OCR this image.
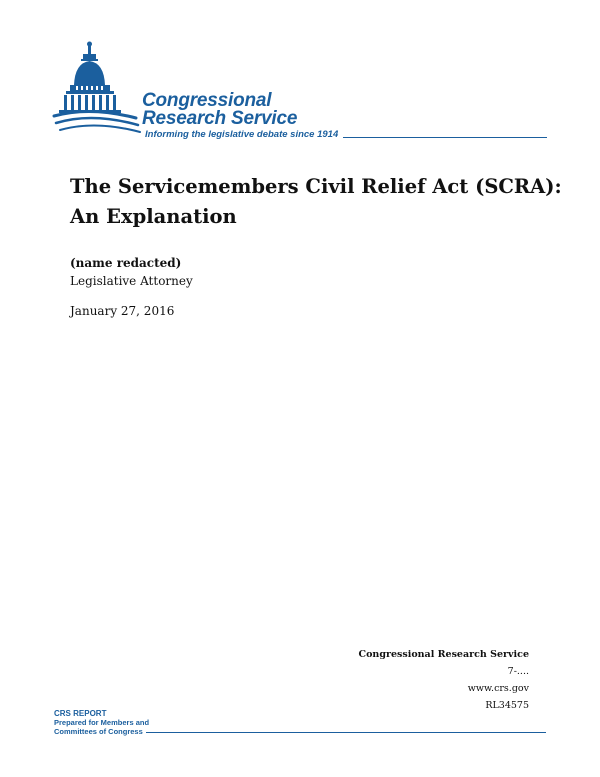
Congressional
Research Service
Informing the legislative debate since 1914
The Servicemembers Civil Relief Act (SCRA):
An Explanation
(name redacted)
Legislative Attorney
January 27, 2016
Congressional Research Service
7-....
www.crs.gov
RL34575
CRS REPORT
Prepared for Members and
Committees of Congress
